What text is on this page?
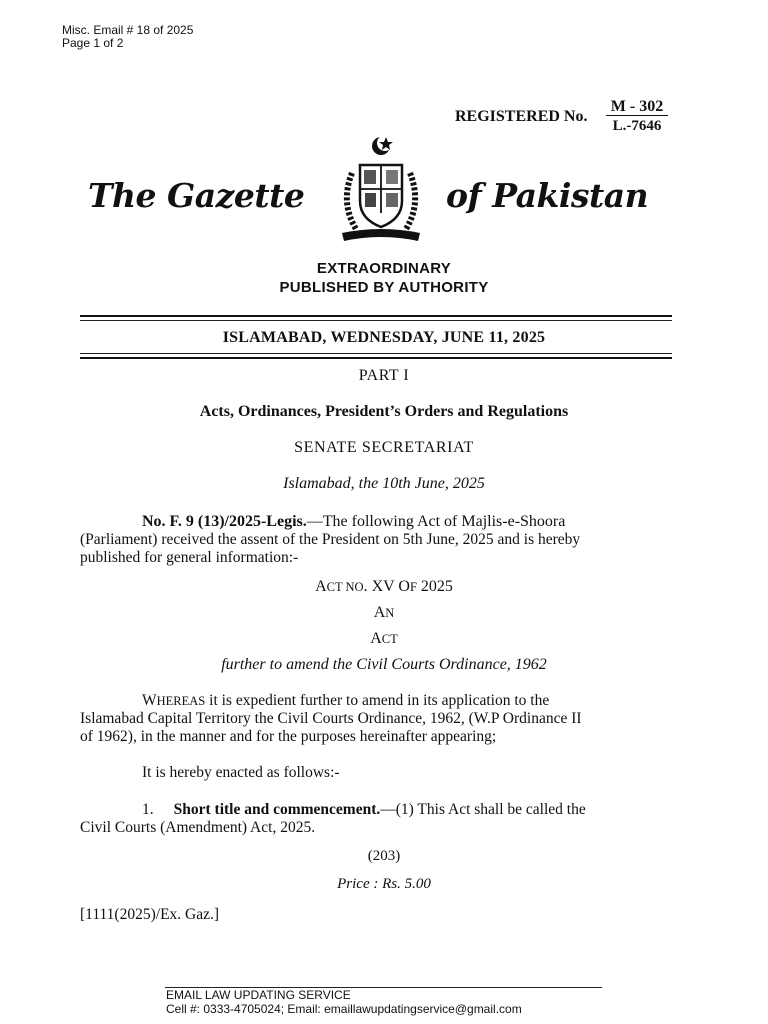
Misc. Email # 18 of 2025
Page 1 of 2
REGISTERED No.
M - 302
L.-7646
The Gazette	of Pakistan
EXTRAORDINARY
PUBLISHED BY AUTHORITY
ISLAMABAD, WEDNESDAY, JUNE 11, 2025
PART I
Acts, Ordinances, President’s Orders and Regulations
SENATE SECRETARIAT
Islamabad, the 10th June, 2025
No. F. 9 (13)/2025-Legis.—The following Act of Majlis-e-Shoora
(Parliament) received the assent of the President on 5th June, 2025 and is hereby
published for general information:-
ACT NO. XV OF 2025
AN
ACT
further to amend the Civil Courts Ordinance, 1962
WHEREAS it is expedient further to amend in its application to the
Islamabad Capital Territory the Civil Courts Ordinance, 1962, (W.P Ordinance II
of 1962), in the manner and for the purposes hereinafter appearing;
It is hereby enacted as follows:-
1. Short title and commencement.—(1) This Act shall be called the
Civil Courts (Amendment) Act, 2025.
(203)
Price : Rs. 5.00
[1111(2025)/Ex. Gaz.]
EMAIL LAW UPDATING SERVICE
Cell #: 0333-4705024; Email: emaillawupdatingservice@gmail.com
